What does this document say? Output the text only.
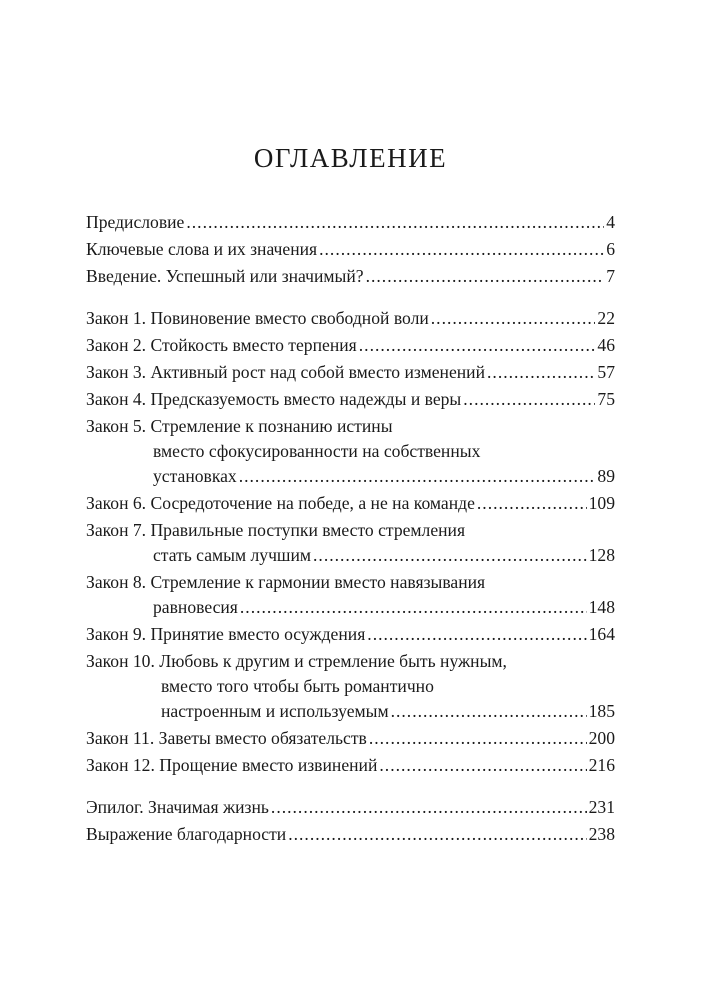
ОГЛАВЛЕНИЕ
Предисловие .....	4
Ключевые слова и их значения .....	6
Введение. Успешный или значимый? .....	7
Закон 1. Повиновение вместо свободной воли .....	22
Закон 2. Стойкость вместо терпения .....	46
Закон 3. Активный рост над собой вместо изменений .....	57
Закон 4. Предсказуемость вместо надежды и веры .....	75
Закон 5. Стремление к познанию истины
вместо сфокусированности на собственных
установках .....	89
Закон 6. Сосредоточение на победе, а не на команде .....	109
Закон 7. Правильные поступки вместо стремления
стать самым лучшим .....	128
Закон 8. Стремление к гармонии вместо навязывания
равновесия .....	148
Закон 9. Принятие вместо осуждения .....	164
Закон 10. Любовь к другим и стремление быть нужным,
вместо того чтобы быть романтично
настроенным и используемым .....	185
Закон 11. Заветы вместо обязательств .....	200
Закон 12. Прощение вместо извинений .....	216
Эпилог. Значимая жизнь .....	231
Выражение благодарности .....	238
